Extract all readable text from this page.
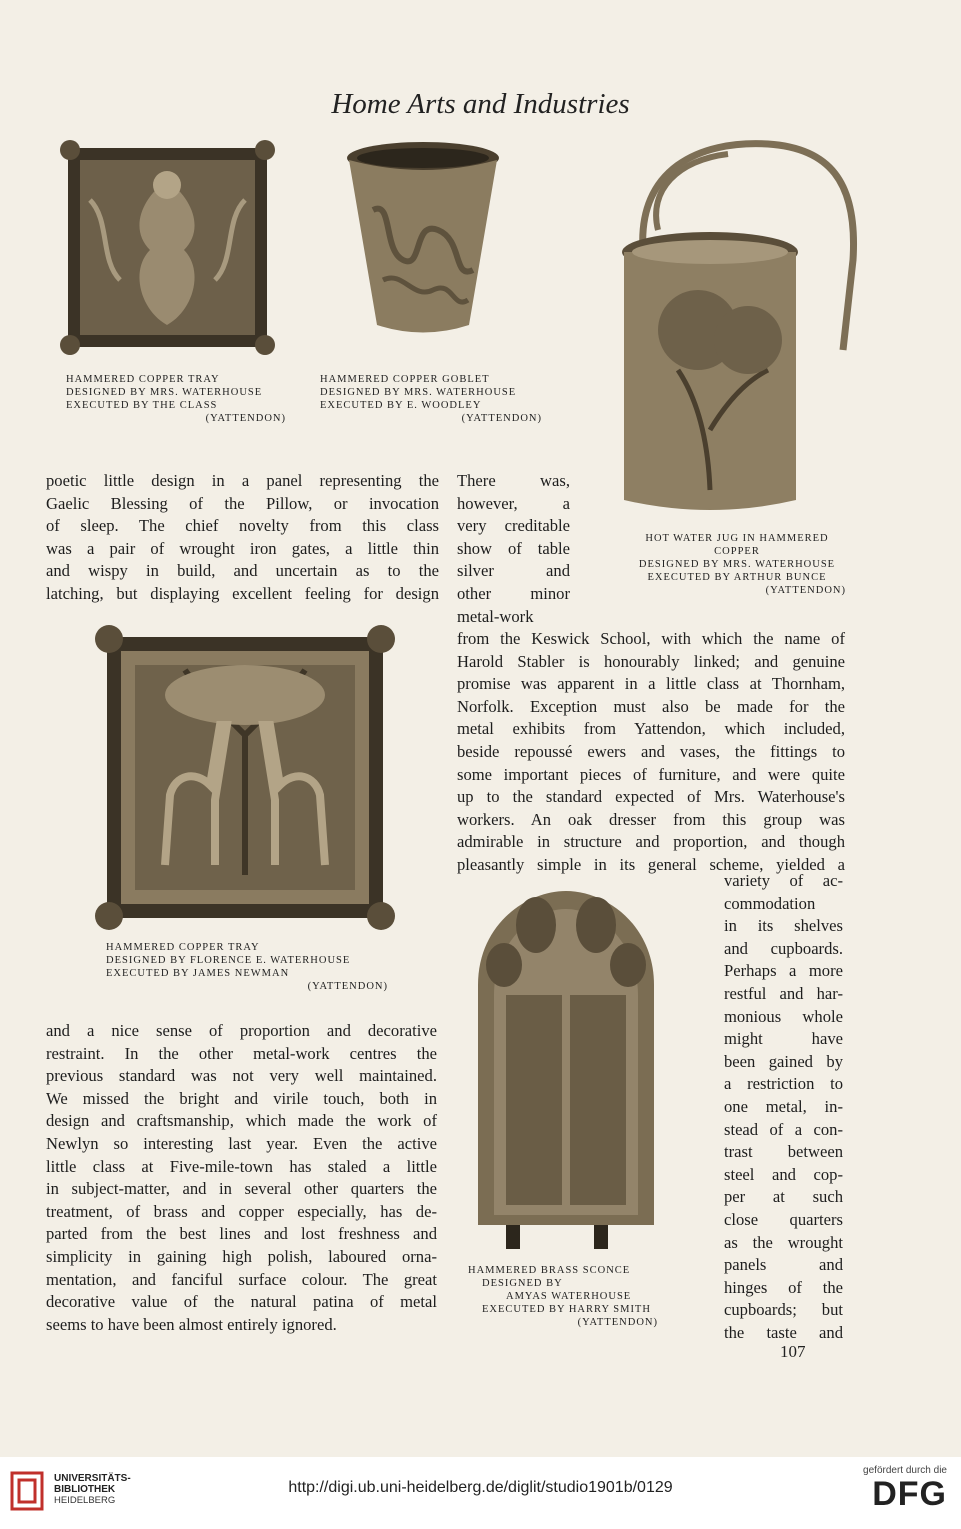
Home Arts and Industries
HAMMERED COPPER TRAY
DESIGNED BY MRS. WATERHOUSE
EXECUTED BY THE CLASS
(YATTENDON)
HAMMERED COPPER GOBLET
DESIGNED BY MRS. WATERHOUSE
EXECUTED BY E. WOODLEY
(YATTENDON)
HOT WATER JUG IN HAMMERED
COPPER
DESIGNED BY MRS. WATERHOUSE
EXECUTED BY ARTHUR BUNCE
(YATTENDON)
poetic little design in a panel representing the
Gaelic Blessing of the Pillow, or invocation
of sleep. The chief novelty from this class
was a pair of wrought iron gates, a little thin
and wispy in build, and uncertain as to the
latching, but displaying excellent feeling for design
There was,
however, a
very creditable
show of table
silver and
other minor
metal-work
from the Keswick School, with which the name of
Harold Stabler is honourably linked; and genuine
promise was apparent in a little class at Thornham,
Norfolk. Exception must also be made for the
metal exhibits from Yattendon, which included,
beside repoussé ewers and vases, the fittings to
some important pieces of furniture, and were quite
up to the standard expected of Mrs. Waterhouse's
workers. An oak dresser from this group was
admirable in structure and proportion, and though
pleasantly simple in its general scheme, yielded a
HAMMERED COPPER TRAY
DESIGNED BY FLORENCE E. WATERHOUSE
EXECUTED BY JAMES NEWMAN
(YATTENDON)
variety of ac-
commodation
in its shelves
and cupboards.
Perhaps a more
restful and har-
monious whole
might have
been gained by
a restriction to
one metal, in-
stead of a con-
trast between
steel and cop-
per at such
close quarters
as the wrought
panels and
hinges of the
cupboards; but
the taste and
HAMMERED BRASS SCONCE
DESIGNED BY
AMYAS WATERHOUSE
EXECUTED BY HARRY SMITH
(YATTENDON)
and a nice sense of proportion and decorative
restraint. In the other metal-work centres the
previous standard was not very well maintained.
We missed the bright and virile touch, both in
design and craftsmanship, which made the work of
Newlyn so interesting last year. Even the active
little class at Five-mile-town has staled a little
in subject-matter, and in several other quarters the
treatment, of brass and copper especially, has de-
parted from the best lines and lost freshness and
simplicity in gaining high polish, laboured orna-
mentation, and fanciful surface colour. The great
decorative value of the natural patina of metal
seems to have been almost entirely ignored.
107
UNIVERSITÄTS-
BIBLIOTHEK
HEIDELBERG
http://digi.ub.uni-heidelberg.de/diglit/studio1901b/0129
gefördert durch die
DFG
